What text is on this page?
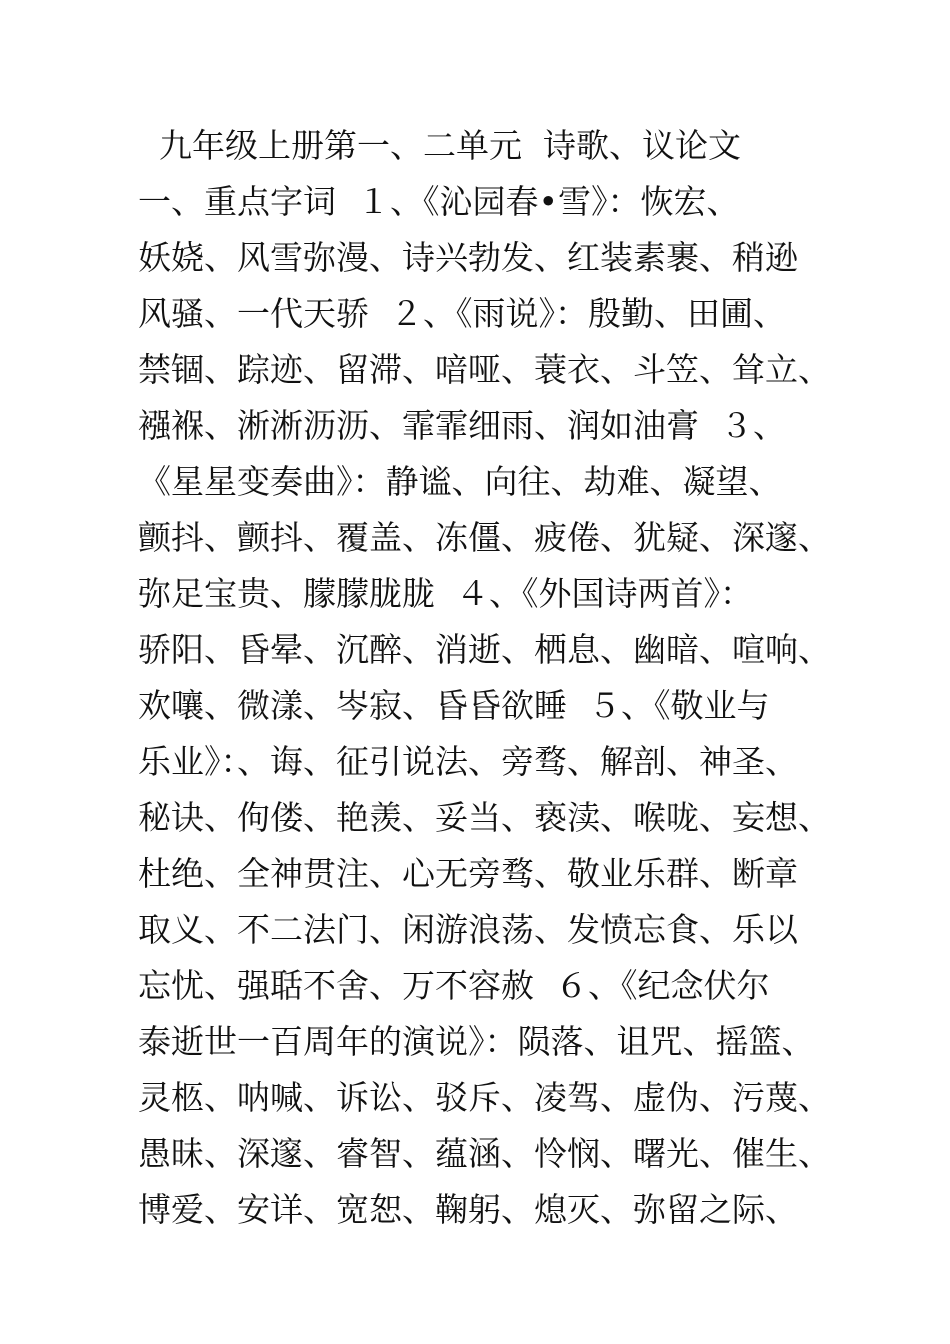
九年级上册第一、二单元  诗歌、议论文
一、重点字词  １、《沁园春•雪》：恢宏、
妖娆、风雪弥漫、诗兴勃发、红装素裹、稍逊
风骚、一代天骄  ２、《雨说》：殷勤、田圃、
禁锢、踪迹、留滞、喑哑、蓑衣、斗笠、耸立、
襁褓、淅淅沥沥、霏霏细雨、润如油膏  ３、
《星星变奏曲》：静谧、向往、劫难、凝望、
颤抖、颤抖、覆盖、冻僵、疲倦、犹疑、深邃、
弥足宝贵、朦朦胧胧  ４、《外国诗两首》：
骄阳、昏晕、沉醉、消逝、栖息、幽暗、喧响、
欢嚷、微漾、岑寂、昏昏欲睡  ５、《敬业与
乐业》：、诲、征引说法、旁骛、解剖、神圣、
秘诀、佝偻、艳羡、妥当、亵渎、喉咙、妄想、
杜绝、全神贯注、心无旁骛、敬业乐群、断章
取义、不二法门、闲游浪荡、发愤忘食、乐以
忘忧、强聒不舍、万不容赦  ６、《纪念伏尔
泰逝世一百周年的演说》：陨落、诅咒、摇篮、
灵柩、呐喊、诉讼、驳斥、凌驾、虚伪、污蔑、
愚昧、深邃、睿智、蕴涵、怜悯、曙光、催生、
博爱、安详、宽恕、鞠躬、熄灭、弥留之际、
